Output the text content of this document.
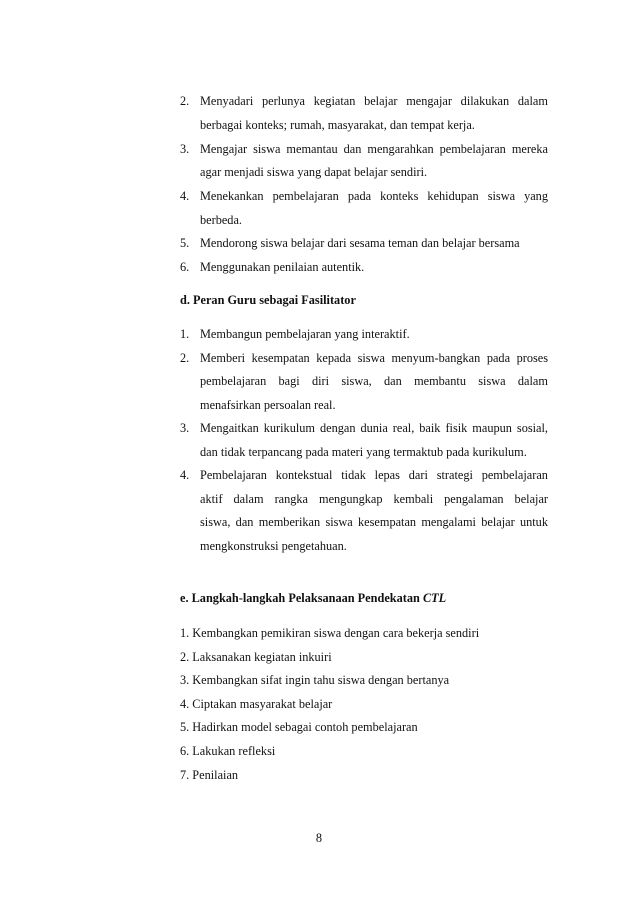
2. Menyadari perlunya kegiatan belajar mengajar dilakukan dalam
berbagai konteks; rumah, masyarakat, dan tempat kerja.
3. Mengajar siswa memantau dan mengarahkan pembelajaran mereka
agar menjadi siswa yang dapat belajar sendiri.
4. Menekankan pembelajaran pada konteks kehidupan siswa yang
berbeda.
5. Mendorong siswa belajar dari sesama teman dan belajar bersama
6. Menggunakan penilaian autentik.
d. Peran Guru sebagai Fasilitator
1. Membangun pembelajaran yang interaktif.
2. Memberi kesempatan kepada siswa menyum-bangkan pada proses
pembelajaran bagi diri siswa, dan membantu siswa dalam
menafsirkan persoalan real.
3. Mengaitkan kurikulum dengan dunia real, baik fisik maupun sosial,
dan tidak terpancang pada materi yang termaktub pada kurikulum.
4. Pembelajaran kontekstual tidak lepas dari strategi pembelajaran
aktif dalam rangka mengungkap kembali pengalaman belajar
siswa, dan memberikan siswa kesempatan mengalami belajar untuk
mengkonstruksi pengetahuan.
e. Langkah-langkah Pelaksanaan Pendekatan CTL
1. Kembangkan pemikiran siswa dengan cara bekerja sendiri
2. Laksanakan kegiatan inkuiri
3. Kembangkan sifat ingin tahu siswa dengan bertanya
4. Ciptakan masyarakat belajar
5. Hadirkan model sebagai contoh pembelajaran
6. Lakukan refleksi
7. Penilaian
8
